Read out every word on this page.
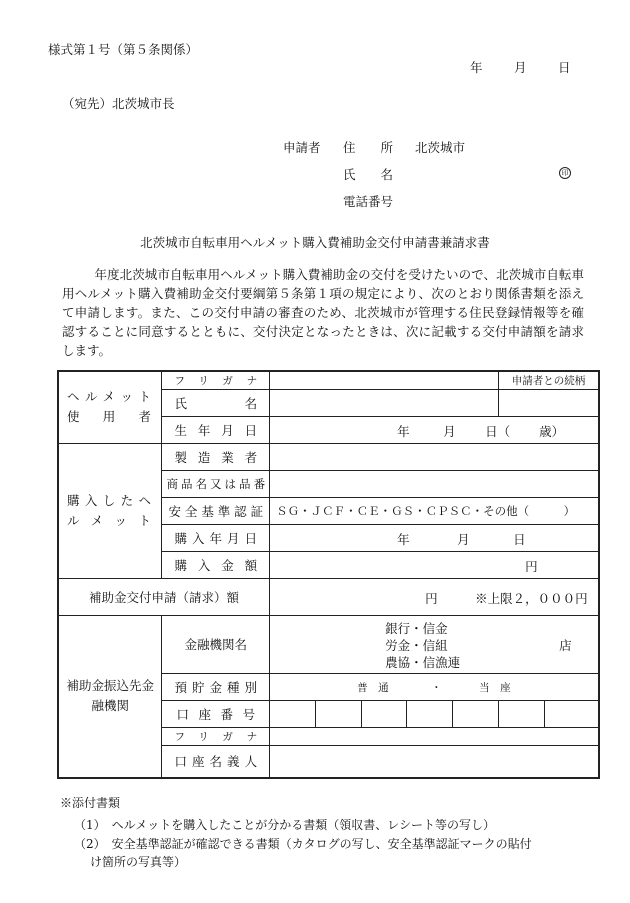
様式第１号（第５条関係）
年	月	日
（宛先）北茨城市長
申請者 住　　所 北茨城市
氏　　名	印
電話番号
北茨城市自転車用ヘルメット購入費補助金交付申請書兼請求書
年度北茨城市自転車用ヘルメット購入費補助金の交付を受けたいので、北茨城市自転車用ヘルメット購入費補助金交付要綱第５条第１項の規定により、次のとおり関係書類を添えて申請します。また、この交付申請の審査のため、北茨城市が管理する住民登録情報等を確認することに同意するとともに、交付決定となったときは、次に記載する交付申請額を請求します。
ヘルメット使用者	フリガナ						申請者との続柄	

	氏名							

	生年月日	年 月 日（ 歳）						

購入したヘルメット	製造業者							

	商品名又は品番							

	安全基準認証	ＳＧ・ＪＣＦ・ＣＥ・ＧＳ・ＣＰＳＣ・その他（　　　）						

	購入年月日	年 月 日						

	購入金額	円						

補助金交付申請（請求）額		円 ※上限２，０００円						

補助金振込先金融機関	金融機関名	銀行・信金
労金・信組
農協・信漁連
店						

	預貯金種別	普　通 ・ 当　座						

	口座番号							

	フリガナ							

	口座名義人							

※添付書類
（1）　ヘルメットを購入したことが分かる書類（領収書、レシート等の写し）
（2）　安全基準認証が確認できる書類（カタログの写し、安全基準認証マークの貼付
け箇所の写真等）
